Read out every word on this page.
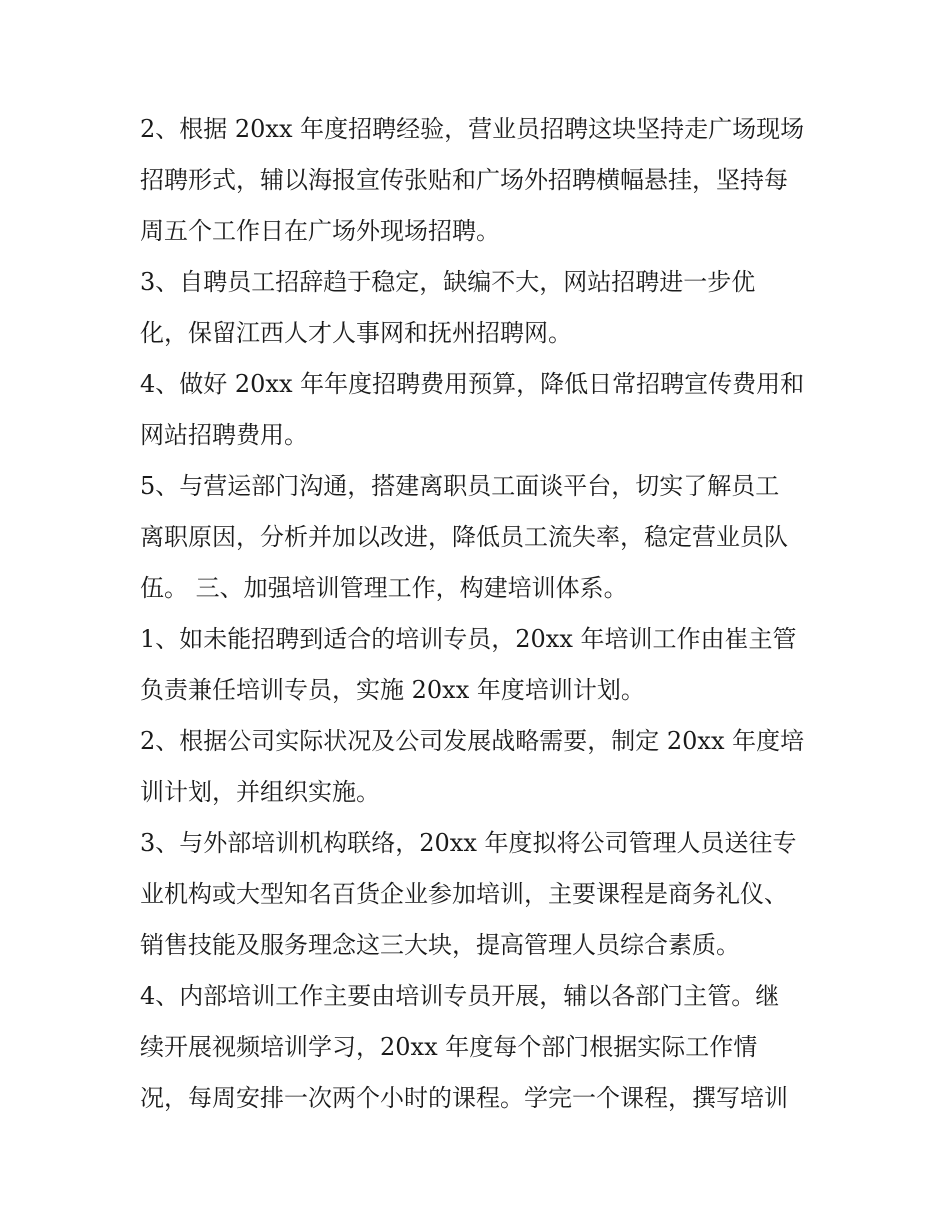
2、根据 20xx 年度招聘经验，营业员招聘这块坚持走广场现场
招聘形式，辅以海报宣传张贴和广场外招聘横幅悬挂，坚持每
周五个工作日在广场外现场招聘。
3、自聘员工招辞趋于稳定，缺编不大，网站招聘进一步优
化，保留江西人才人事网和抚州招聘网。
4、做好 20xx 年年度招聘费用预算，降低日常招聘宣传费用和
网站招聘费用。
5、与营运部门沟通，搭建离职员工面谈平台，切实了解员工
离职原因，分析并加以改进，降低员工流失率，稳定营业员队
伍。 三、加强培训管理工作，构建培训体系。
1、如未能招聘到适合的培训专员，20xx 年培训工作由崔主管
负责兼任培训专员，实施 20xx 年度培训计划。
2、根据公司实际状况及公司发展战略需要，制定 20xx 年度培
训计划，并组织实施。
3、与外部培训机构联络，20xx 年度拟将公司管理人员送往专
业机构或大型知名百货企业参加培训，主要课程是商务礼仪、
销售技能及服务理念这三大块，提高管理人员综合素质。
4、内部培训工作主要由培训专员开展，辅以各部门主管。继
续开展视频培训学习，20xx 年度每个部门根据实际工作情
况，每周安排一次两个小时的课程。学完一个课程，撰写培训
